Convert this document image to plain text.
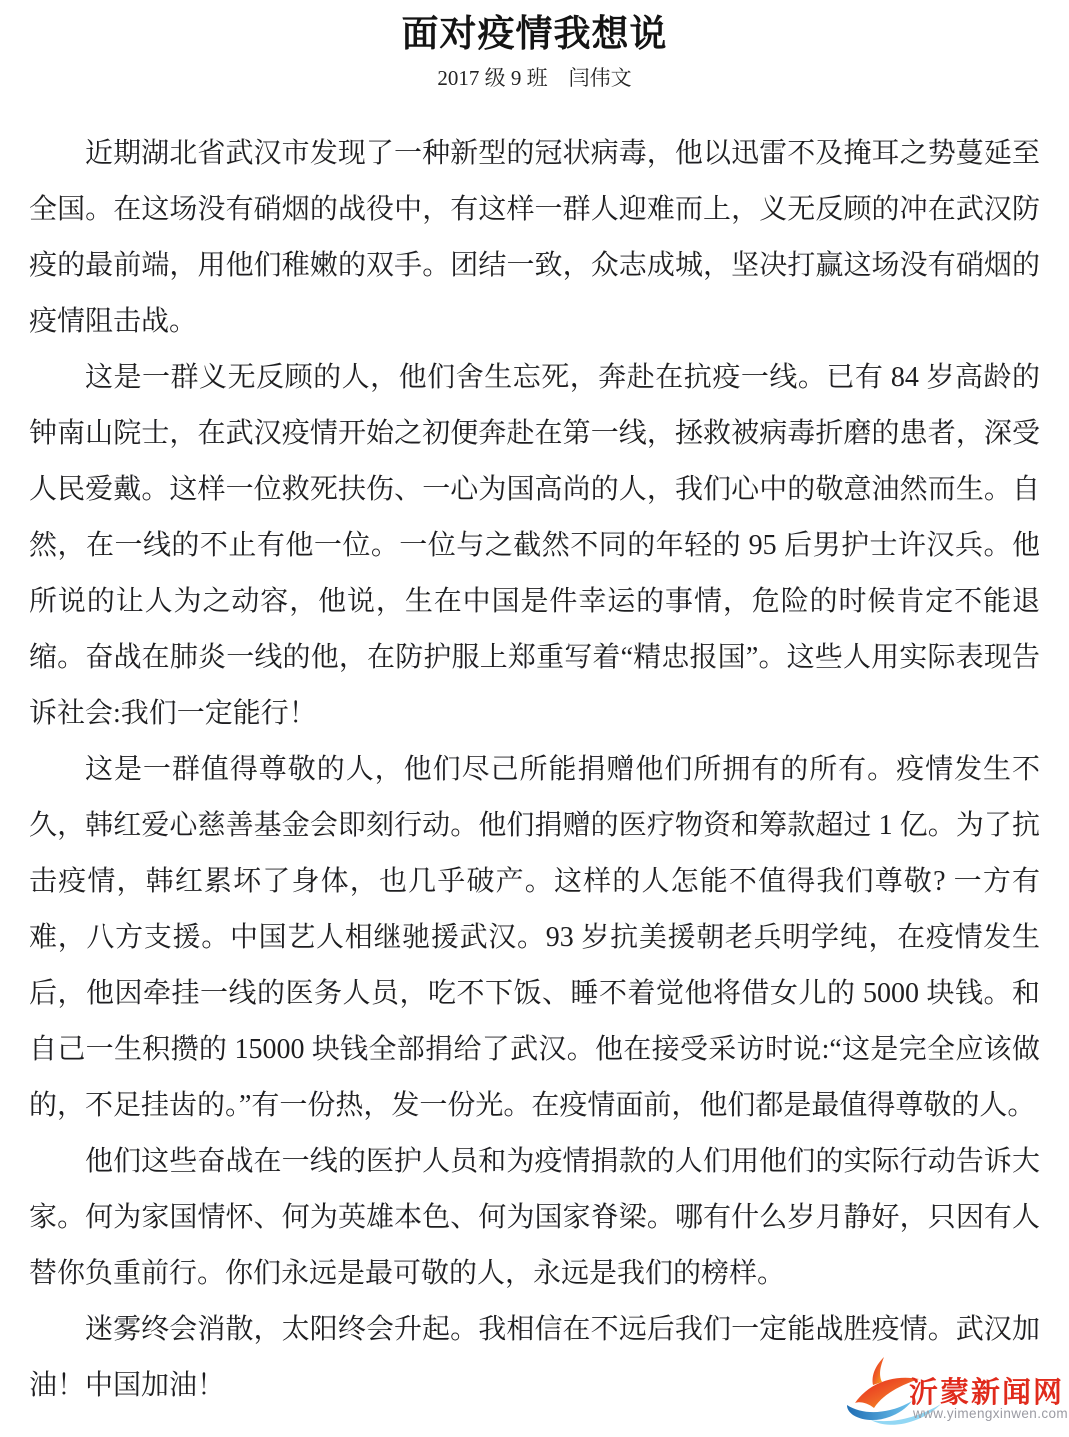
面对疫情我想说
2017 级 9 班　闫伟文

近期湖北省武汉市发现了一种新型的冠状病毒，他以迅雷不及掩耳之势蔓延至全国。在这场没有硝烟的战役中，有这样一群人迎难而上，义无反顾的冲在武汉防疫的最前端，用他们稚嫩的双手。团结一致，众志成城，坚决打赢这场没有硝烟的疫情阻击战。

这是一群义无反顾的人，他们舍生忘死，奔赴在抗疫一线。已有 84 岁高龄的钟南山院士，在武汉疫情开始之初便奔赴在第一线，拯救被病毒折磨的患者，深受人民爱戴。这样一位救死扶伤、一心为国高尚的人，我们心中的敬意油然而生。自然，在一线的不止有他一位。一位与之截然不同的年轻的 95 后男护士许汉兵。他所说的让人为之动容，他说，生在中国是件幸运的事情，危险的时候肯定不能退缩。奋战在肺炎一线的他，在防护服上郑重写着“精忠报国”。这些人用实际表现告诉社会:我们一定能行！

这是一群值得尊敬的人，他们尽己所能捐赠他们所拥有的所有。疫情发生不久，韩红爱心慈善基金会即刻行动。他们捐赠的医疗物资和筹款超过 1 亿。为了抗击疫情，韩红累坏了身体，也几乎破产。这样的人怎能不值得我们尊敬? 一方有难，八方支援。中国艺人相继驰援武汉。93 岁抗美援朝老兵明学纯，在疫情发生后，他因牵挂一线的医务人员，吃不下饭、睡不着觉他将借女儿的 5000 块钱。和自己一生积攒的 15000 块钱全部捐给了武汉。他在接受采访时说:“这是完全应该做的，不足挂齿的。”有一份热，发一份光。在疫情面前，他们都是最值得尊敬的人。

他们这些奋战在一线的医护人员和为疫情捐款的人们用他们的实际行动告诉大家。何为家国情怀、何为英雄本色、何为国家脊梁。哪有什么岁月静好，只因有人替你负重前行。你们永远是最可敬的人，永远是我们的榜样。

迷雾终会消散，太阳终会升起。我相信在不远后我们一定能战胜疫情。武汉加油！中国加油！	沂蒙新闻网
www.yimengxinwen.com
